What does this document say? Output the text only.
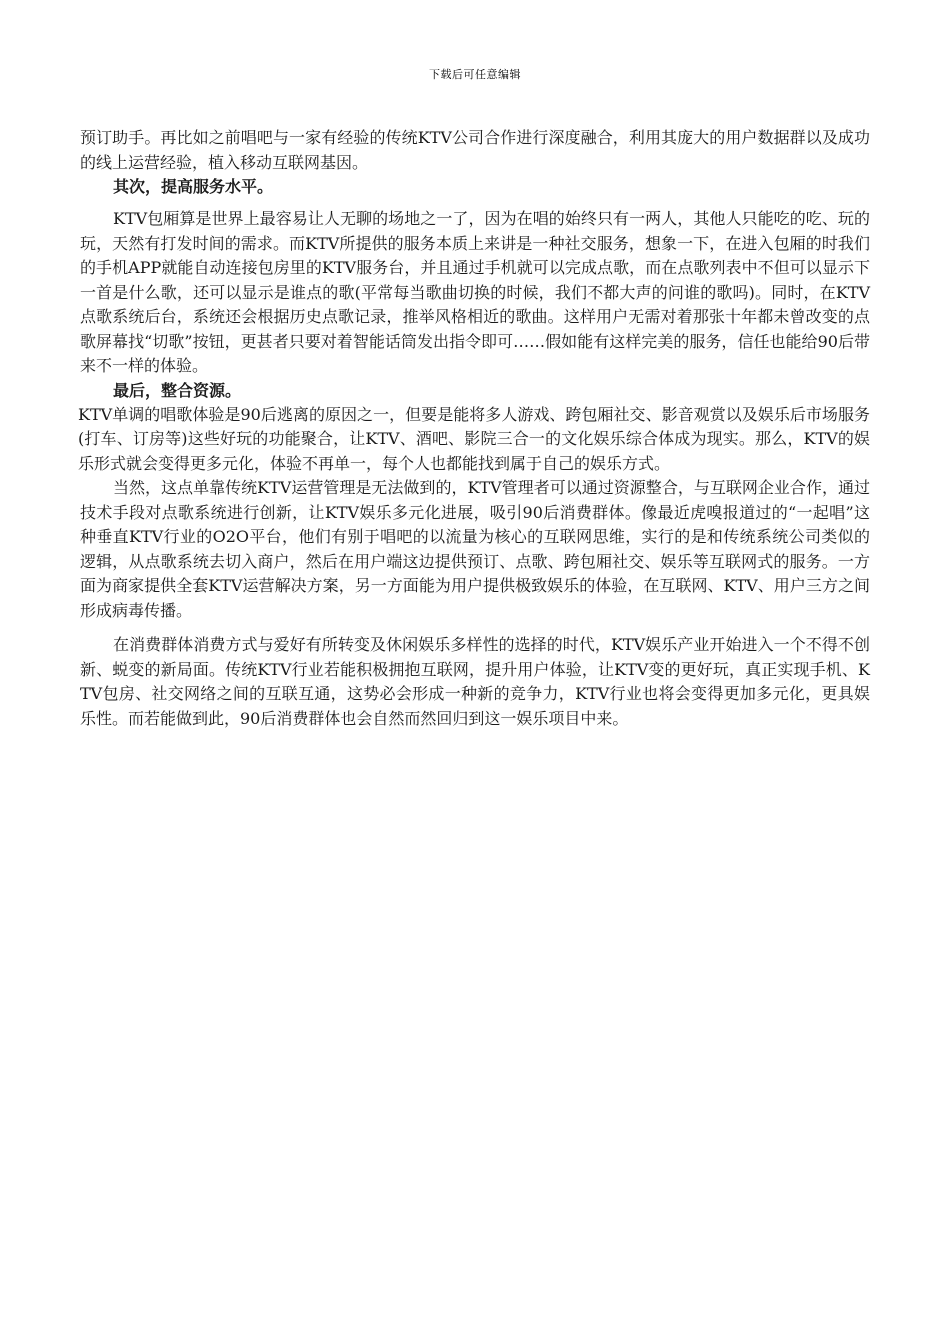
下载后可任意编辑

预订助手。再比如之前唱吧与一家有经验的传统KTV公司合作进行深度融合，利用其庞大的用户数据群以及成功的线上运营经验，植入移动互联网基因。

其次，提高服务水平。

KTV包厢算是世界上最容易让人无聊的场地之一了，因为在唱的始终只有一两人，其他人只能吃的吃、玩的玩，天然有打发时间的需求。而KTV所提供的服务本质上来讲是一种社交服务，想象一下，在进入包厢的时我们的手机APP就能自动连接包房里的KTV服务台，并且通过手机就可以完成点歌，而在点歌列表中不但可以显示下一首是什么歌，还可以显示是谁点的歌(平常每当歌曲切换的时候，我们不都大声的问谁的歌吗)。同时，在KTV点歌系统后台，系统还会根据历史点歌记录，推举风格相近的歌曲。这样用户无需对着那张十年都未曾改变的点歌屏幕找“切歌”按钮，更甚者只要对着智能话筒发出指令即可……假如能有这样完美的服务，信任也能给90后带来不一样的体验。

最后，整合资源。

KTV单调的唱歌体验是90后逃离的原因之一，但要是能将多人游戏、跨包厢社交、影音观赏以及娱乐后市场服务(打车、订房等)这些好玩的功能聚合，让KTV、酒吧、影院三合一的文化娱乐综合体成为现实。那么，KTV的娱乐形式就会变得更多元化，体验不再单一，每个人也都能找到属于自己的娱乐方式。

当然，这点单靠传统KTV运营管理是无法做到的，KTV管理者可以通过资源整合，与互联网企业合作，通过技术手段对点歌系统进行创新，让KTV娱乐多元化进展，吸引90后消费群体。像最近虎嗅报道过的“一起唱”这种垂直KTV行业的O2O平台，他们有别于唱吧的以流量为核心的互联网思维，实行的是和传统系统公司类似的逻辑，从点歌系统去切入商户，然后在用户端这边提供预订、点歌、跨包厢社交、娱乐等互联网式的服务。一方面为商家提供全套KTV运营解决方案，另一方面能为用户提供极致娱乐的体验，在互联网、KTV、用户三方之间形成病毒传播。

在消费群体消费方式与爱好有所转变及休闲娱乐多样性的选择的时代，KTV娱乐产业开始进入一个不得不创新、蜕变的新局面。传统KTV行业若能积极拥抱互联网，提升用户体验，让KTV变的更好玩，真正实现手机、KTV包房、社交网络之间的互联互通，这势必会形成一种新的竞争力，KTV行业也将会变得更加多元化，更具娱乐性。而若能做到此，90后消费群体也会自然而然回归到这一娱乐项目中来。
